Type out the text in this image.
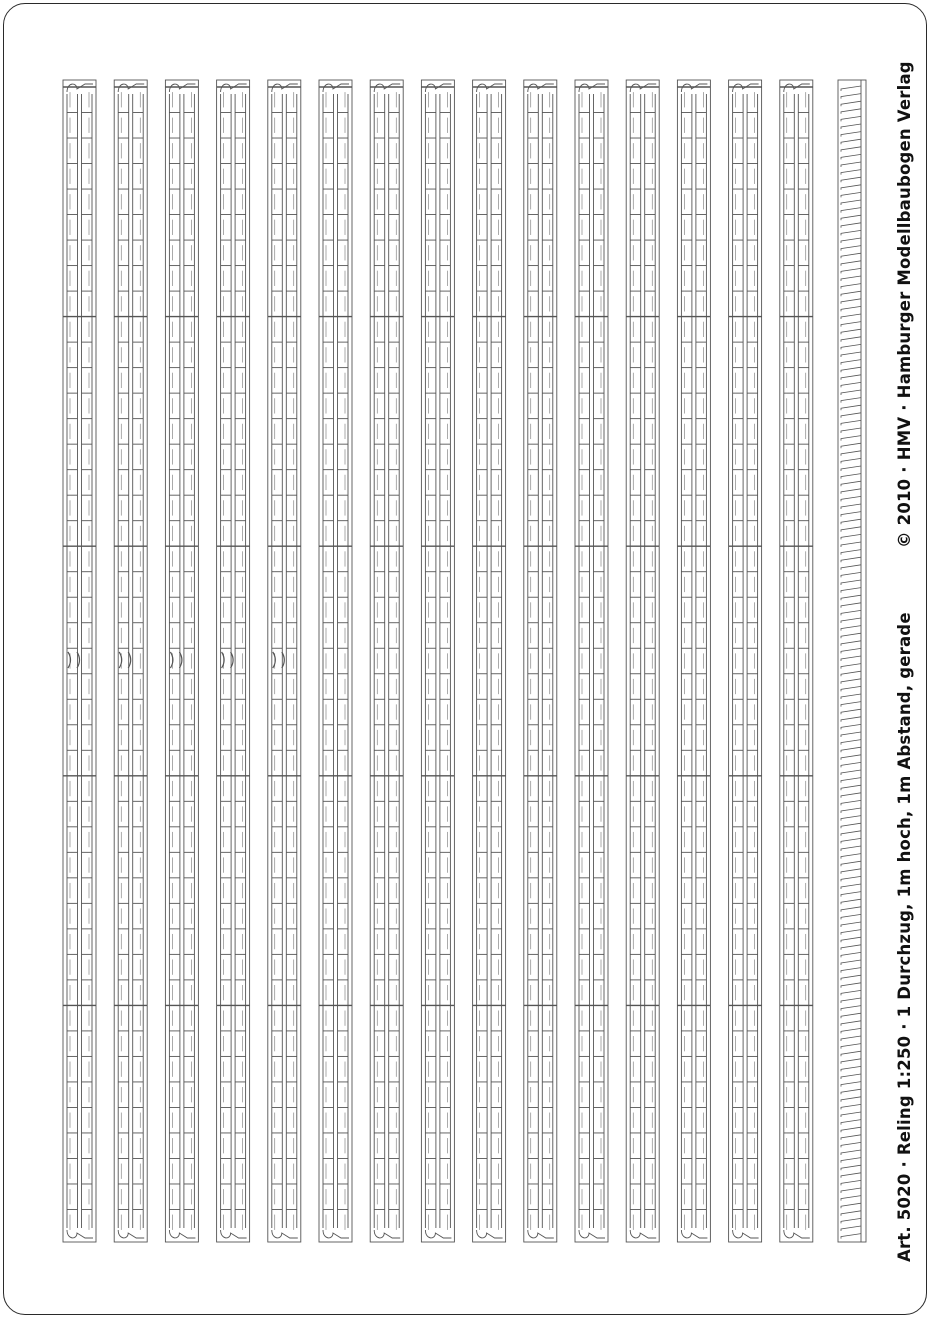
Art. 5020 · Reling 1:250 · 1 Durchzug, 1m hoch, 1m Abstand, gerade
© 2010 · HMV · Hamburger Modellbaubogen Verlag
